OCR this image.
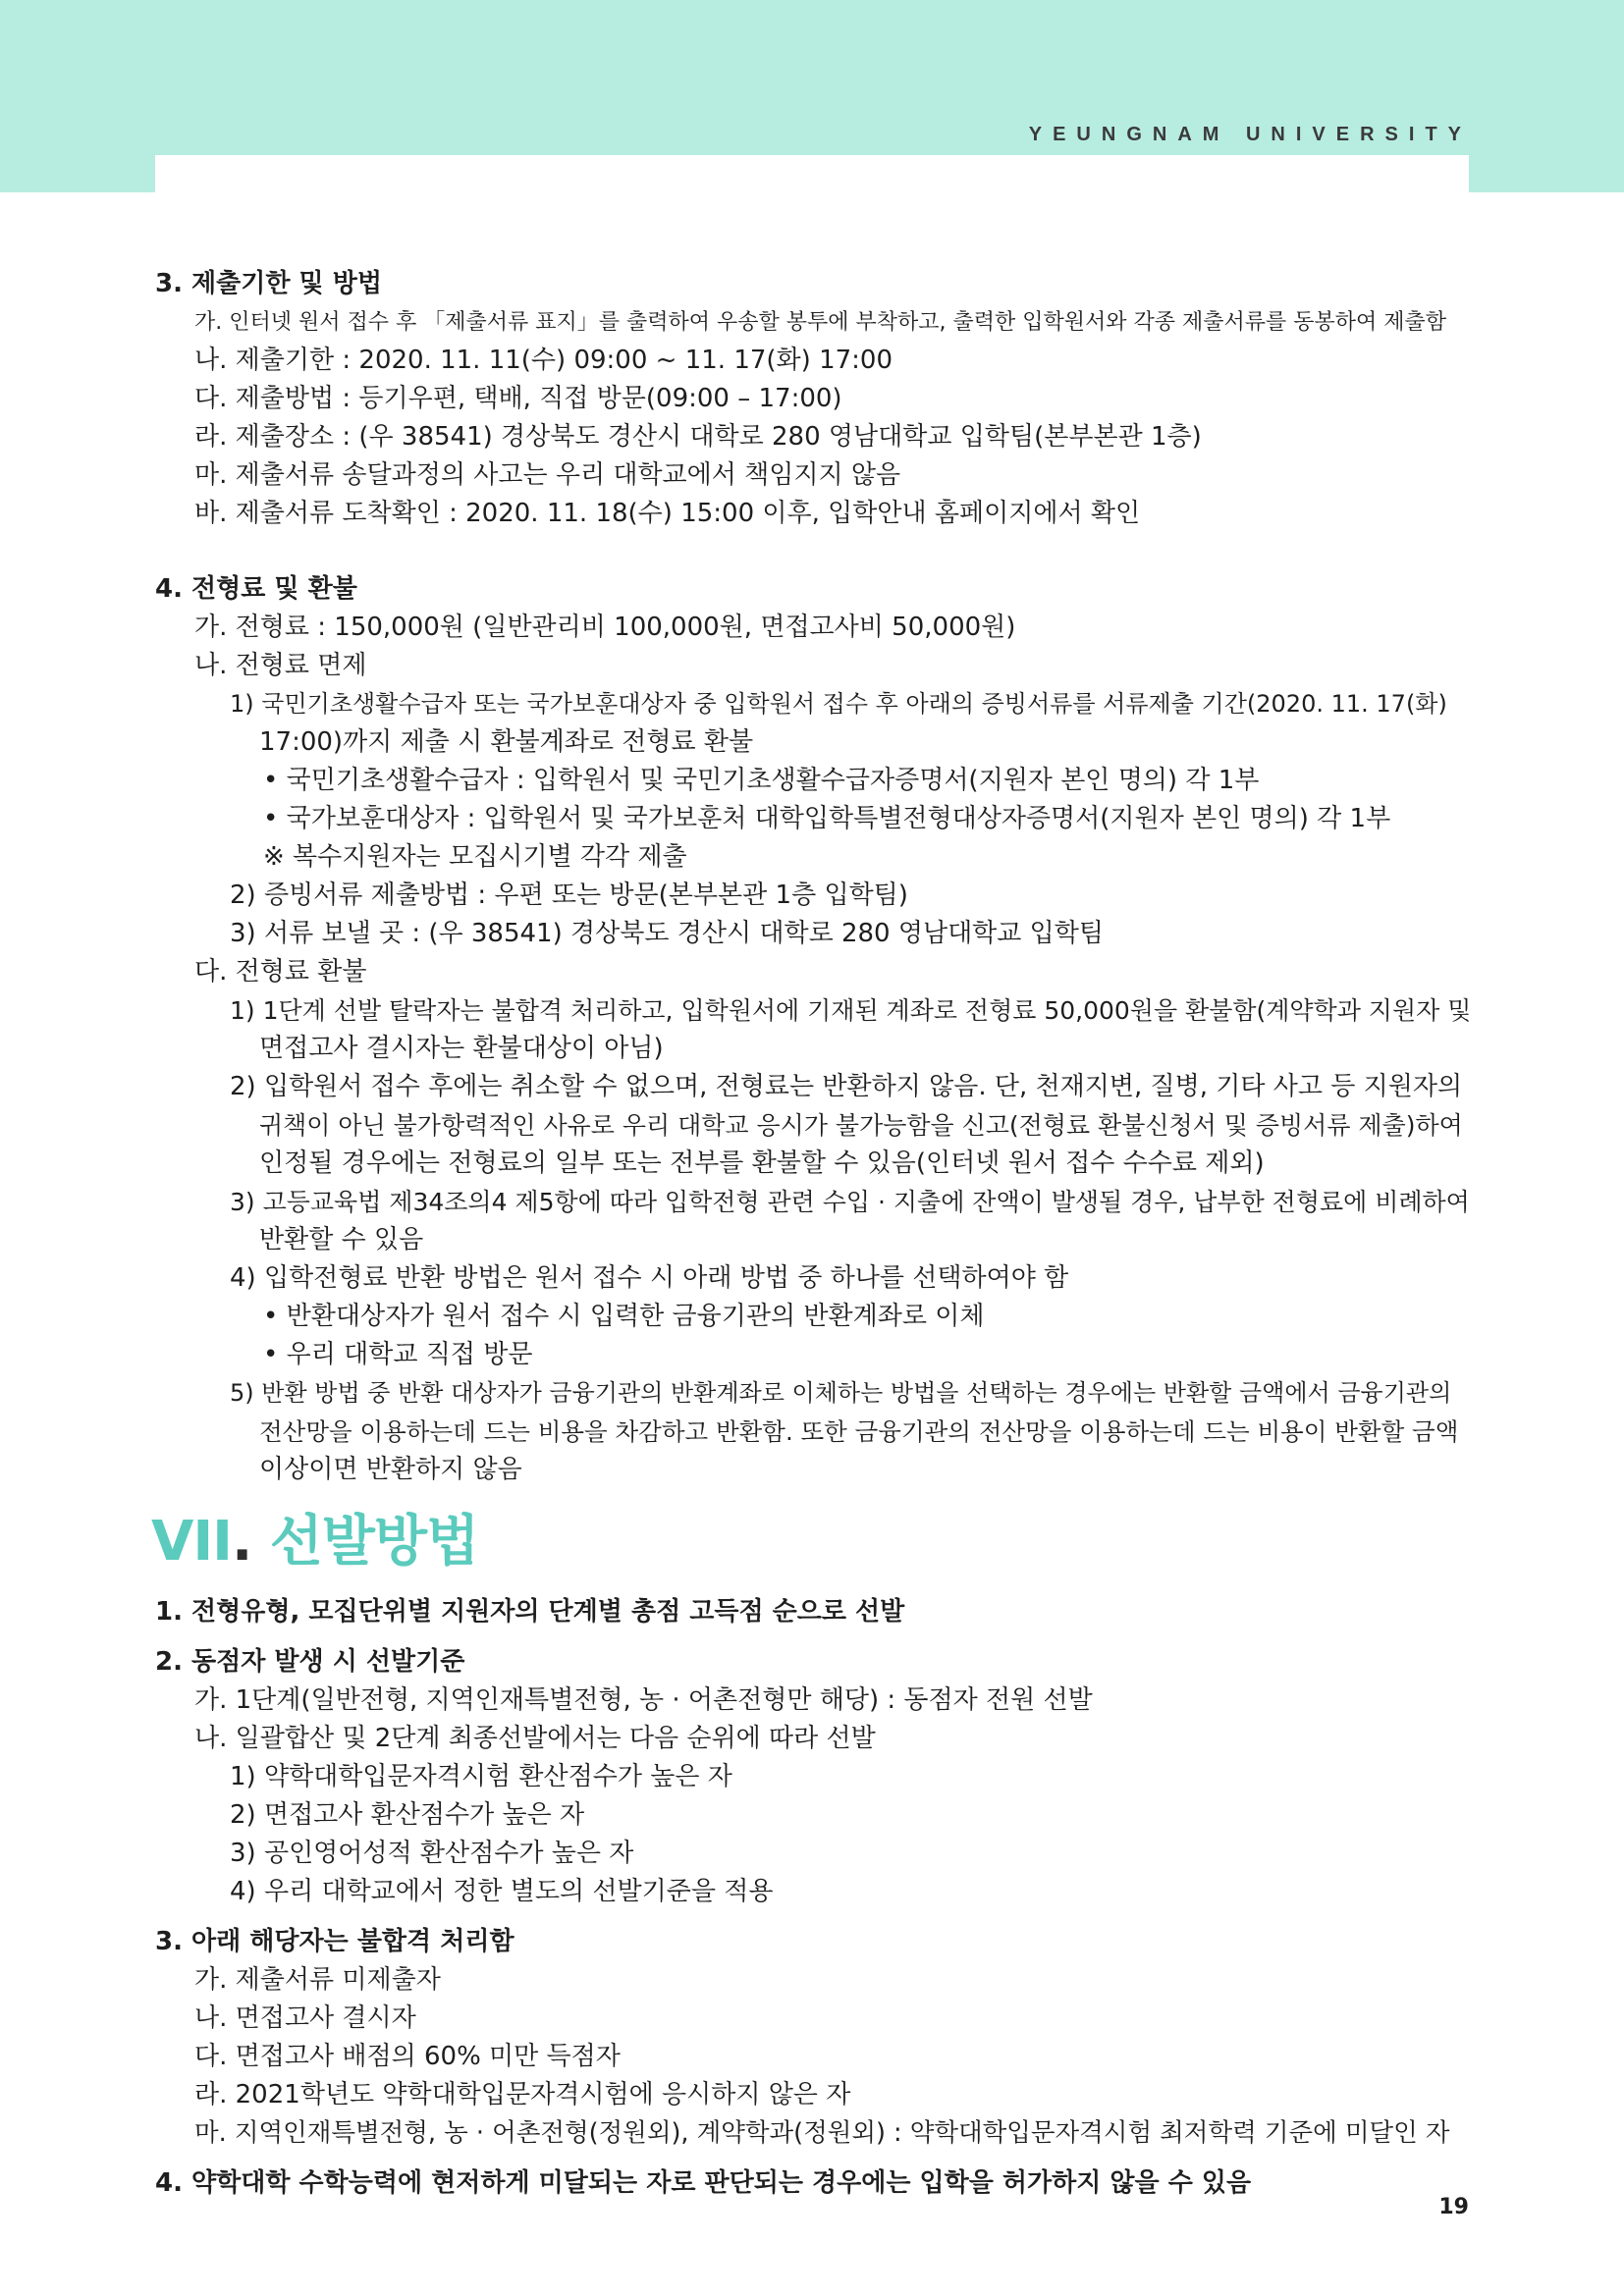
YEUNGNAM UNIVERSITY
3. 제출기한 및 방법
가. 인터넷 원서 접수 후 「제출서류 표지」를 출력하여 우송할 봉투에 부착하고, 출력한 입학원서와 각종 제출서류를 동봉하여 제출함
나. 제출기한 : 2020. 11. 11(수) 09:00 ~ 11. 17(화) 17:00
다. 제출방법 : 등기우편, 택배, 직접 방문(09:00 – 17:00)
라. 제출장소 : (우 38541) 경상북도 경산시 대학로 280 영남대학교 입학팀(본부본관 1층)
마. 제출서류 송달과정의 사고는 우리 대학교에서 책임지지 않음
바. 제출서류 도착확인 : 2020. 11. 18(수) 15:00 이후, 입학안내 홈페이지에서 확인
4. 전형료 및 환불
가. 전형료 : 150,000원 (일반관리비 100,000원, 면접고사비 50,000원)
나. 전형료 면제
1) 국민기초생활수급자 또는 국가보훈대상자 중 입학원서 접수 후 아래의 증빙서류를 서류제출 기간(2020. 11. 17(화)
17:00)까지 제출 시 환불계좌로 전형료 환불
• 국민기초생활수급자 : 입학원서 및 국민기초생활수급자증명서(지원자 본인 명의) 각 1부
• 국가보훈대상자 : 입학원서 및 국가보훈처 대학입학특별전형대상자증명서(지원자 본인 명의) 각 1부
※ 복수지원자는 모집시기별 각각 제출
2) 증빙서류 제출방법 : 우편 또는 방문(본부본관 1층 입학팀)
3) 서류 보낼 곳 : (우 38541) 경상북도 경산시 대학로 280 영남대학교 입학팀
다. 전형료 환불
1) 1단계 선발 탈락자는 불합격 처리하고, 입학원서에 기재된 계좌로 전형료 50,000원을 환불함(계약학과 지원자 및
면접고사 결시자는 환불대상이 아님)
2) 입학원서 접수 후에는 취소할 수 없으며, 전형료는 반환하지 않음. 단, 천재지변, 질병, 기타 사고 등 지원자의
귀책이 아닌 불가항력적인 사유로 우리 대학교 응시가 불가능함을 신고(전형료 환불신청서 및 증빙서류 제출)하여
인정될 경우에는 전형료의 일부 또는 전부를 환불할 수 있음(인터넷 원서 접수 수수료 제외)
3) 고등교육법 제34조의4 제5항에 따라 입학전형 관련 수입 · 지출에 잔액이 발생될 경우, 납부한 전형료에 비례하여
반환할 수 있음
4) 입학전형료 반환 방법은 원서 접수 시 아래 방법 중 하나를 선택하여야 함
• 반환대상자가 원서 접수 시 입력한 금융기관의 반환계좌로 이체
• 우리 대학교 직접 방문
5) 반환 방법 중 반환 대상자가 금융기관의 반환계좌로 이체하는 방법을 선택하는 경우에는 반환할 금액에서 금융기관의
전산망을 이용하는데 드는 비용을 차감하고 반환함. 또한 금융기관의 전산망을 이용하는데 드는 비용이 반환할 금액
이상이면 반환하지 않음
VII. 선발방법
1. 전형유형, 모집단위별 지원자의 단계별 총점 고득점 순으로 선발
2. 동점자 발생 시 선발기준
가. 1단계(일반전형, 지역인재특별전형, 농 · 어촌전형만 해당) : 동점자 전원 선발
나. 일괄합산 및 2단계 최종선발에서는 다음 순위에 따라 선발
1) 약학대학입문자격시험 환산점수가 높은 자
2) 면접고사 환산점수가 높은 자
3) 공인영어성적 환산점수가 높은 자
4) 우리 대학교에서 정한 별도의 선발기준을 적용
3. 아래 해당자는 불합격 처리함
가. 제출서류 미제출자
나. 면접고사 결시자
다. 면접고사 배점의 60% 미만 득점자
라. 2021학년도 약학대학입문자격시험에 응시하지 않은 자
마. 지역인재특별전형, 농 · 어촌전형(정원외), 계약학과(정원외) : 약학대학입문자격시험 최저학력 기준에 미달인 자
4. 약학대학 수학능력에 현저하게 미달되는 자로 판단되는 경우에는 입학을 허가하지 않을 수 있음
19
